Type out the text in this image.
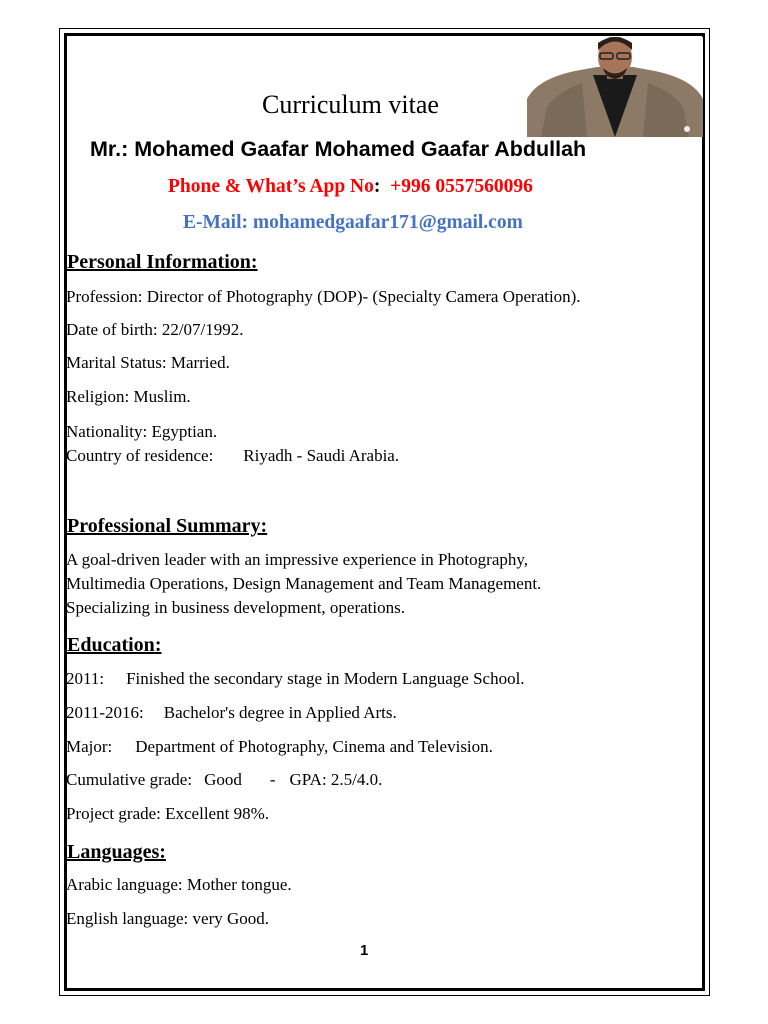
Curriculum vitae
Mr.: Mohamed Gaafar Mohamed Gaafar Abdullah
Phone & What’s App No: +996 0557560096
E-Mail: mohamedgaafar171@gmail.com
Personal Information:
Profession: Director of Photography (DOP)- (Specialty Camera Operation).
Date of birth: 22/07/1992.
Marital Status: Married.
Religion: Muslim.
Nationality: Egyptian.
Country of residence: Riyadh - Saudi Arabia.
Professional Summary:
A goal-driven leader with an impressive experience in Photography,
Multimedia Operations, Design Management and Team Management.
Specializing in business development, operations.
Education:
2011: Finished the secondary stage in Modern Language School.
2011-2016: Bachelor's degree in Applied Arts.
Major: Department of Photography, Cinema and Television.
Cumulative grade: Good - GPA: 2.5/4.0.
Project grade: Excellent 98%.
Languages:
Arabic language: Mother tongue.
English language: very Good.
1
